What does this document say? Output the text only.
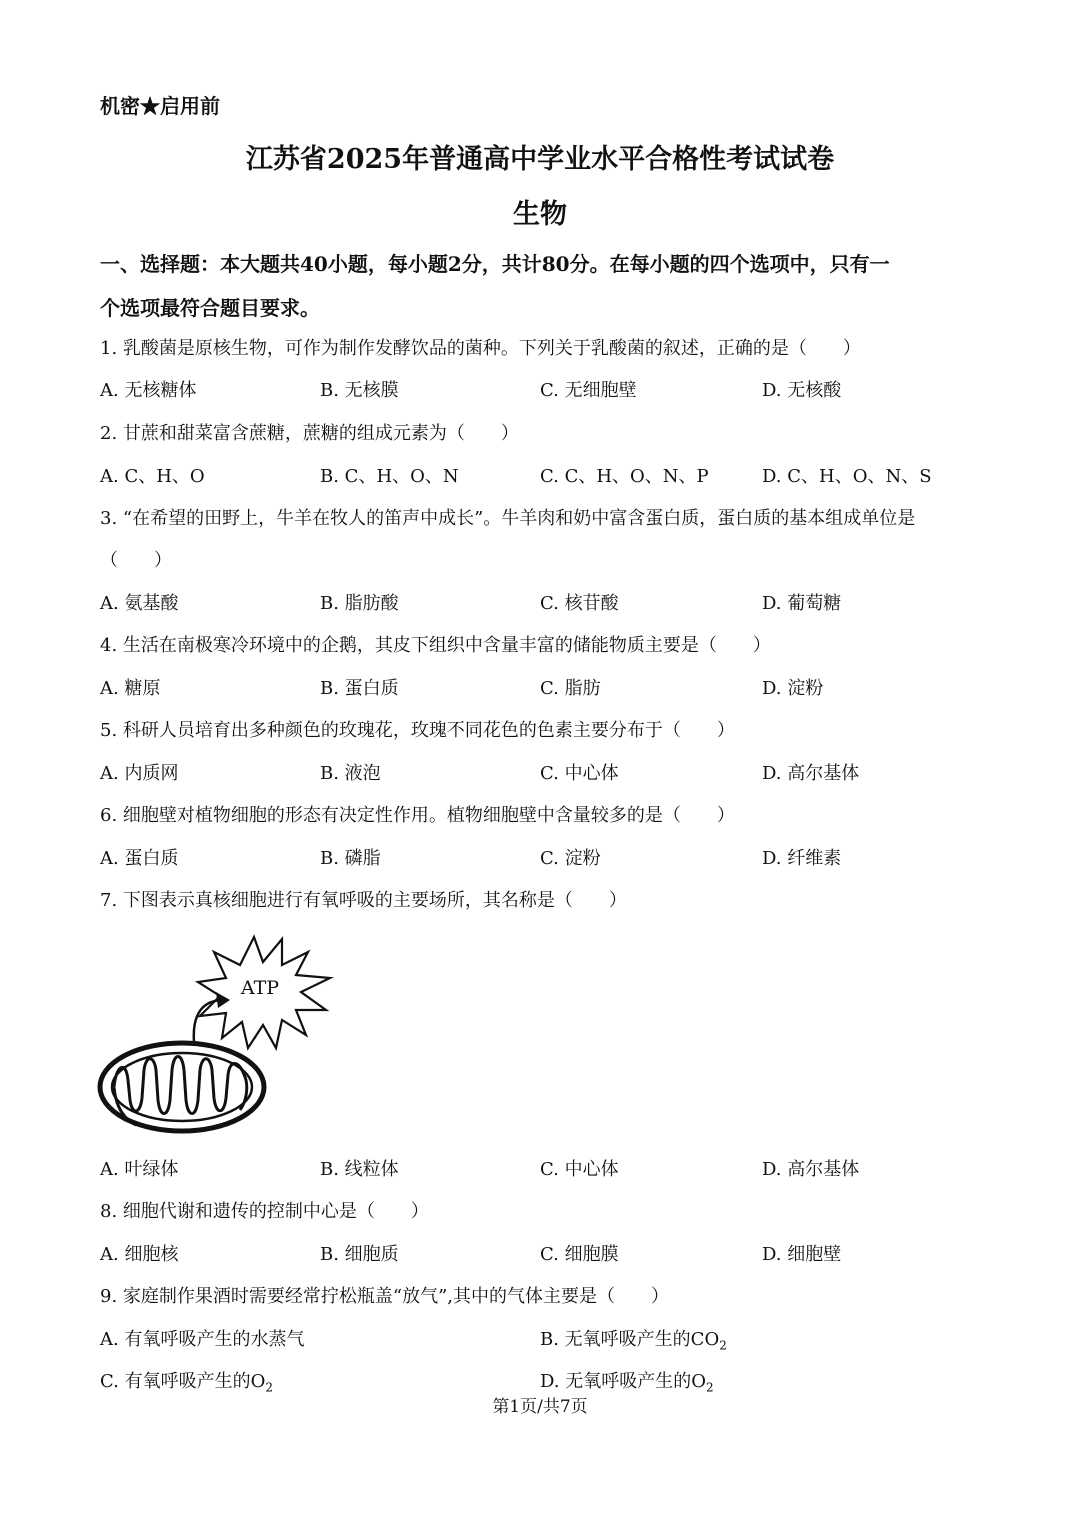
机密★启用前
江苏省2025年普通高中学业水平合格性考试试卷
生物
一、选择题：本大题共40小题，每小题2分，共计80分。在每小题的四个选项中，只有一
个选项最符合题目要求。
1. 乳酸菌是原核生物，可作为制作发酵饮品的菌种。下列关于乳酸菌的叙述，正确的是（　　）
A. 无核糖体	B. 无核膜	C. 无细胞壁	D. 无核酸
2. 甘蔗和甜菜富含蔗糖，蔗糖的组成元素为（　　）
A. C、H、O	B. C、H、O、N	C. C、H、O、N、P	D. C、H、O、N、S
3. “在希望的田野上，牛羊在牧人的笛声中成长”。牛羊肉和奶中富含蛋白质，蛋白质的基本组成单位是
（　　）
A. 氨基酸	B. 脂肪酸	C. 核苷酸	D. 葡萄糖
4. 生活在南极寒冷环境中的企鹅，其皮下组织中含量丰富的储能物质主要是（　　）
A. 糖原	B. 蛋白质	C. 脂肪	D. 淀粉
5. 科研人员培育出多种颜色的玫瑰花，玫瑰不同花色的色素主要分布于（　　）
A. 内质网	B. 液泡	C. 中心体	D. 高尔基体
6. 细胞壁对植物细胞的形态有决定性作用。植物细胞壁中含量较多的是（　　）
A. 蛋白质	B. 磷脂	C. 淀粉	D. 纤维素
7. 下图表示真核细胞进行有氧呼吸的主要场所，其名称是（　　）
ATP
A. 叶绿体	B. 线粒体	C. 中心体	D. 高尔基体
8. 细胞代谢和遗传的控制中心是（　　）
A. 细胞核	B. 细胞质	C. 细胞膜	D. 细胞壁
9. 家庭制作果酒时需要经常拧松瓶盖“放气”,其中的气体主要是（　　）
A. 有氧呼吸产生的水蒸气	B. 无氧呼吸产生的$CO_2$
C. 有氧呼吸产生的$O_2$	D. 无氧呼吸产生的$O_2$
第1页/共7页
